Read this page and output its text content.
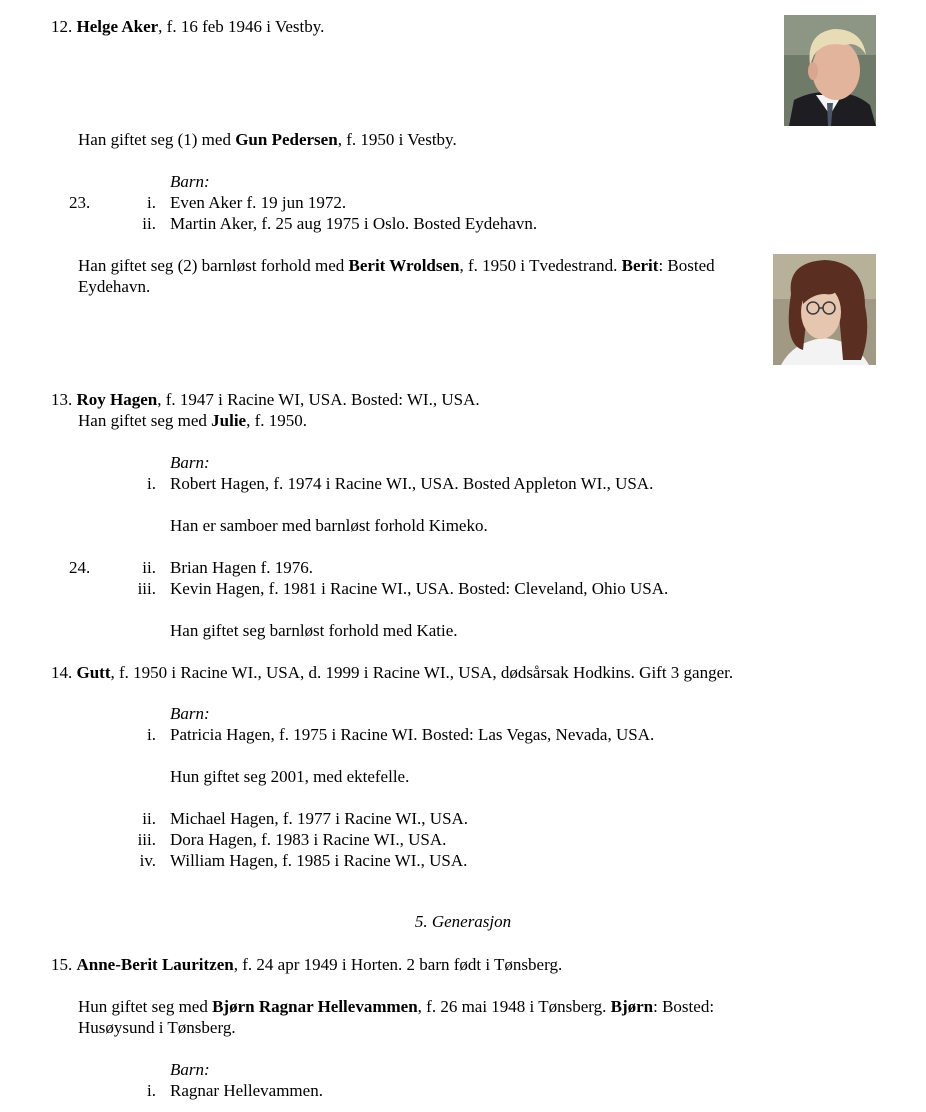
12. Helge Aker, f. 16 feb 1946 i Vestby.
Han giftet seg (1) med Gun Pedersen, f. 1950 i Vestby.
Barn:
23.	i. Even Aker f. 19 jun 1972.
ii. Martin Aker, f. 25 aug 1975 i Oslo. Bosted Eydehavn.
Han giftet seg (2) barnløst forhold med Berit Wroldsen, f. 1950 i Tvedestrand. Berit: Bosted
Eydehavn.
13. Roy Hagen, f. 1947 i Racine WI, USA. Bosted: WI., USA.
Han giftet seg med Julie, f. 1950.
Barn:
i. Robert Hagen, f. 1974 i Racine WI., USA. Bosted Appleton WI., USA.
Han er samboer med barnløst forhold Kimeko.
24.	ii. Brian Hagen f. 1976.
iii. Kevin Hagen, f. 1981 i Racine WI., USA. Bosted: Cleveland, Ohio USA.
Han giftet seg barnløst forhold med Katie.
14. Gutt, f. 1950 i Racine WI., USA, d. 1999 i Racine WI., USA, dødsårsak Hodkins. Gift 3 ganger.
Barn:
i. Patricia Hagen, f. 1975 i Racine WI. Bosted: Las Vegas, Nevada, USA.
Hun giftet seg 2001, med ektefelle.
ii. Michael Hagen, f. 1977 i Racine WI., USA.
iii. Dora Hagen, f. 1983 i Racine WI., USA.
iv. William Hagen, f. 1985 i Racine WI., USA.
5. Generasjon
15. Anne-Berit Lauritzen, f. 24 apr 1949 i Horten. 2 barn født i Tønsberg.
Hun giftet seg med Bjørn Ragnar Hellevammen, f. 26 mai 1948 i Tønsberg. Bjørn: Bosted:
Husøysund i Tønsberg.
Barn:
i. Ragnar Hellevammen.
